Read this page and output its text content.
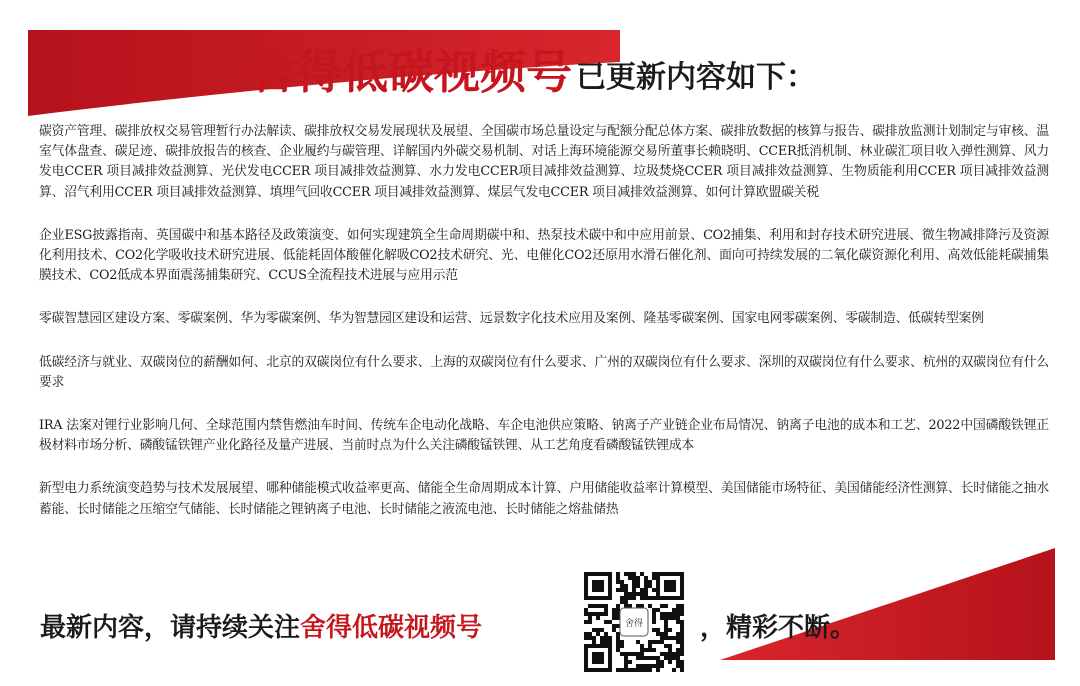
舍得低碳视频号 已更新内容如下：

碳资产管理、碳排放权交易管理暂行办法解读、碳排放权交易发展现状及展望、全国碳市场总量设定与配额分配总体方案、碳排放数据的核算与报告、碳排放监测计划制定与审核、温室气体盘查、碳足迹、碳排放报告的核查、企业履约与碳管理、详解国内外碳交易机制、对话上海环境能源交易所董事长赖晓明、CCER抵消机制、林业碳汇项目收入弹性测算、风力发电CCER 项目减排效益测算、光伏发电CCER 项目减排效益测算、水力发电CCER项目减排效益测算、垃圾焚烧CCER 项目减排效益测算、生物质能利用CCER 项目减排效益测算、沼气利用CCER 项目减排效益测算、填埋气回收CCER 项目减排效益测算、煤层气发电CCER 项目减排效益测算、如何计算欧盟碳关税

企业ESG披露指南、英国碳中和基本路径及政策演变、如何实现建筑全生命周期碳中和、热泵技术碳中和中应用前景、CO2捕集、利用和封存技术研究进展、微生物减排降污及资源化利用技术、CO2化学吸收技术研究进展、低能耗固体酸催化解吸CO2技术研究、光、电催化CO2还原用水滑石催化剂、面向可持续发展的二氧化碳资源化利用、高效低能耗碳捕集膜技术、CO2低成本界面震荡捕集研究、CCUS全流程技术进展与应用示范

零碳智慧园区建设方案、零碳案例、华为零碳案例、华为智慧园区建设和运营、远景数字化技术应用及案例、隆基零碳案例、国家电网零碳案例、零碳制造、低碳转型案例

低碳经济与就业、双碳岗位的薪酬如何、北京的双碳岗位有什么要求、上海的双碳岗位有什么要求、广州的双碳岗位有什么要求、深圳的双碳岗位有什么要求、杭州的双碳岗位有什么要求

IRA 法案对锂行业影响几何、全球范围内禁售燃油车时间、传统车企电动化战略、车企电池供应策略、钠离子产业链企业布局情况、钠离子电池的成本和工艺、2022中国磷酸铁锂正极材料市场分析、磷酸锰铁锂产业化路径及量产进展、当前时点为什么关注磷酸锰铁锂、从工艺角度看磷酸锰铁锂成本

新型电力系统演变趋势与技术发展展望、哪种储能模式收益率更高、储能全生命周期成本计算、户用储能收益率计算模型、美国储能市场特征、美国储能经济性测算、长时储能之抽水蓄能、长时储能之压缩空气储能、长时储能之锂钠离子电池、长时储能之液流电池、长时储能之熔盐储热

最新内容，请持续关注 舍得低碳视频号	舍得 ，精彩不断。
